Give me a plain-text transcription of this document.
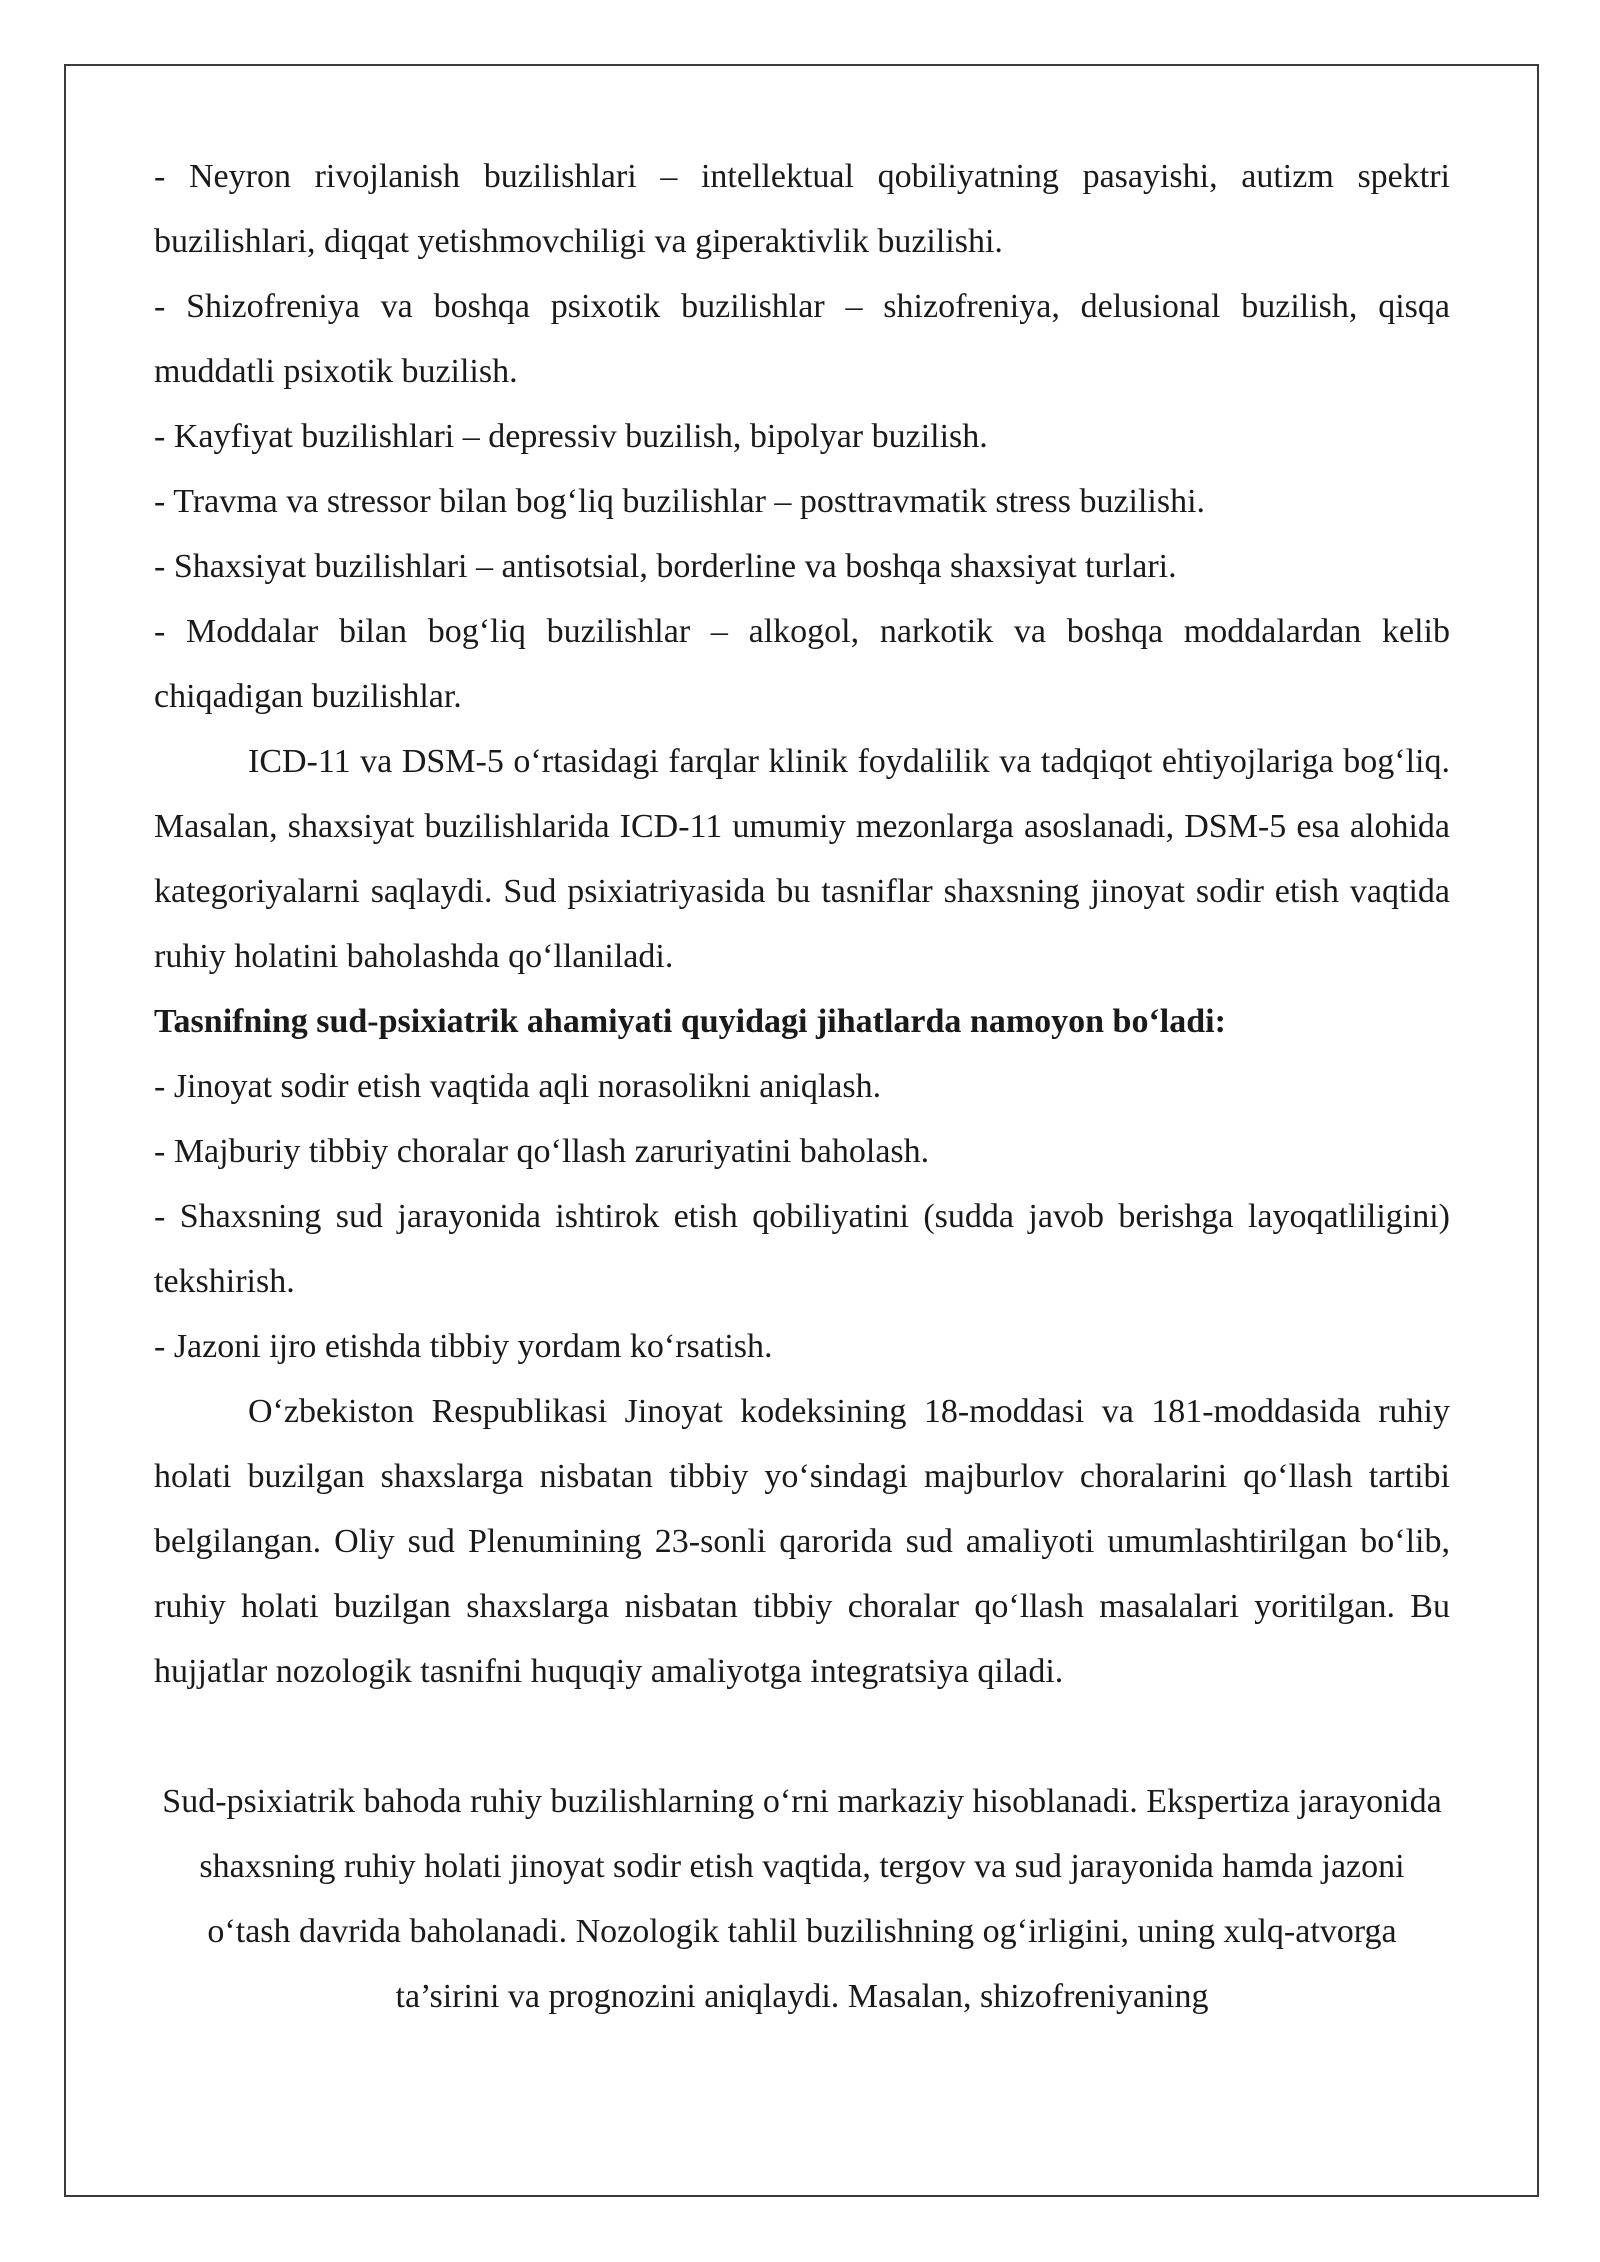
- Neyron rivojlanish buzilishlari – intellektual qobiliyatning pasayishi, autizm spektri buzilishlari, diqqat yetishmovchiligi va giperaktivlik buzilishi.

- Shizofreniya va boshqa psixotik buzilishlar – shizofreniya, delusional buzilish, qisqa muddatli psixotik buzilish.

- Kayfiyat buzilishlari – depressiv buzilish, bipolyar buzilish.

- Travma va stressor bilan bog‘liq buzilishlar – posttravmatik stress buzilishi.

- Shaxsiyat buzilishlari – antisotsial, borderline va boshqa shaxsiyat turlari.

- Moddalar bilan bog‘liq buzilishlar – alkogol, narkotik va boshqa moddalardan kelib chiqadigan buzilishlar.

ICD-11 va DSM-5 o‘rtasidagi farqlar klinik foydalilik va tadqiqot ehtiyojlariga bog‘liq. Masalan, shaxsiyat buzilishlarida ICD-11 umumiy mezonlarga asoslanadi, DSM-5 esa alohida kategoriyalarni saqlaydi. Sud psixiatriyasida bu tasniflar shaxsning jinoyat sodir etish vaqtida ruhiy holatini baholashda qo‘llaniladi.

Tasnifning sud-psixiatrik ahamiyati quyidagi jihatlarda namoyon bo‘ladi:

- Jinoyat sodir etish vaqtida aqli norasolikni aniqlash.

- Majburiy tibbiy choralar qo‘llash zaruriyatini baholash.

- Shaxsning sud jarayonida ishtirok etish qobiliyatini (sudda javob berishga layoqatliligini) tekshirish.

- Jazoni ijro etishda tibbiy yordam ko‘rsatish.

O‘zbekiston Respublikasi Jinoyat kodeksining 18-moddasi va 181-moddasida ruhiy holati buzilgan shaxslarga nisbatan tibbiy yo‘sindagi majburlov choralarini qo‘llash tartibi belgilangan. Oliy sud Plenumining 23-sonli qarorida sud amaliyoti umumlashtirilgan bo‘lib, ruhiy holati buzilgan shaxslarga nisbatan tibbiy choralar qo‘llash masalalari yoritilgan. Bu hujjatlar nozologik tasnifni huquqiy amaliyotga integratsiya qiladi.

Sud-psixiatrik bahoda ruhiy buzilishlarning o‘rni markaziy hisoblanadi. Ekspertiza jarayonida shaxsning ruhiy holati jinoyat sodir etish vaqtida, tergov va sud jarayonida hamda jazoni o‘tash davrida baholanadi. Nozologik tahlil buzilishning og‘irligini, uning xulq-atvorga ta’sirini va prognozini aniqlaydi. Masalan, shizofreniyaning
